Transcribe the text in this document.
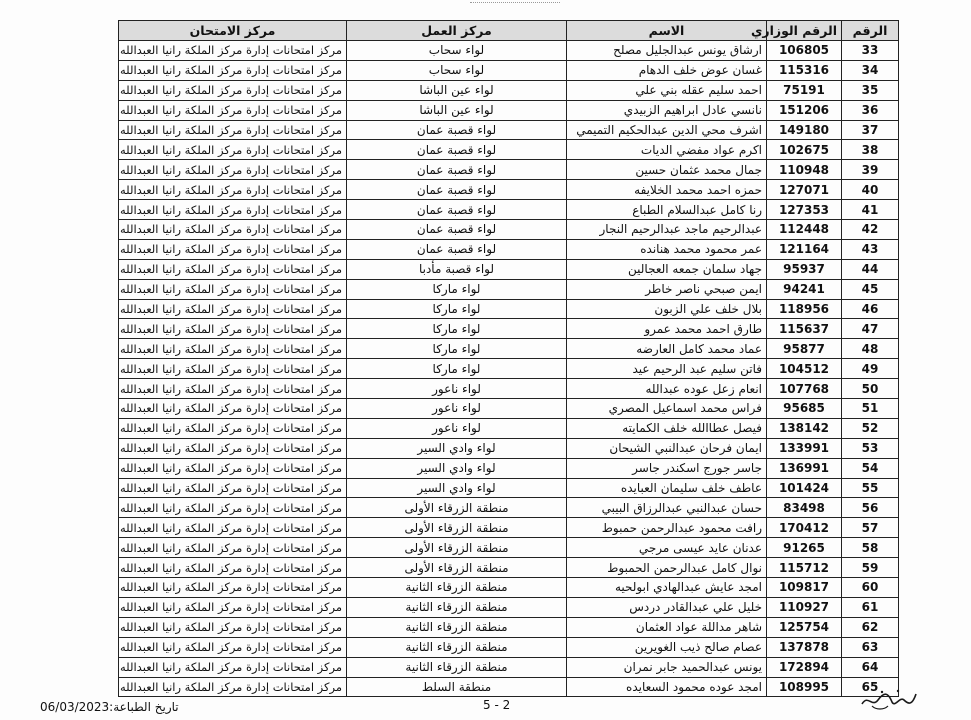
الرقم	الرقم الوزاري	الاسم	مركز العمل	مركز الامتحان
33	106805	ارشاق يونس عبدالجليل مصلح	لواء سحاب	مركز امتحانات إدارة مركز الملكة رانيا العبدالله
34	115316	غسان عوض خلف الدهام	لواء سحاب	مركز امتحانات إدارة مركز الملكة رانيا العبدالله
35	75191	احمد سليم عقله بني علي	لواء عين الباشا	مركز امتحانات إدارة مركز الملكة رانيا العبدالله
36	151206	نانسي عادل ابراهيم الزبيدي	لواء عين الباشا	مركز امتحانات إدارة مركز الملكة رانيا العبدالله
37	149180	اشرف محي الدين عبدالحكيم التميمي	لواء قصبة عمان	مركز امتحانات إدارة مركز الملكة رانيا العبدالله
38	102675	اكرم عواد مفضي الديات	لواء قصبة عمان	مركز امتحانات إدارة مركز الملكة رانيا العبدالله
39	110948	جمال محمد عثمان حسين	لواء قصبة عمان	مركز امتحانات إدارة مركز الملكة رانيا العبدالله
40	127071	حمزه احمد محمد الخلايفه	لواء قصبة عمان	مركز امتحانات إدارة مركز الملكة رانيا العبدالله
41	127353	رنا كامل عبدالسلام الطباع	لواء قصبة عمان	مركز امتحانات إدارة مركز الملكة رانيا العبدالله
42	112448	عبدالرحيم ماجد عبدالرحيم النجار	لواء قصبة عمان	مركز امتحانات إدارة مركز الملكة رانيا العبدالله
43	121164	عمر محمود محمد هنانده	لواء قصبة عمان	مركز امتحانات إدارة مركز الملكة رانيا العبدالله
44	95937	جهاد سلمان جمعه العجالين	لواء قصبة مأدبا	مركز امتحانات إدارة مركز الملكة رانيا العبدالله
45	94241	ايمن صبحي ناصر خاطر	لواء ماركا	مركز امتحانات إدارة مركز الملكة رانيا العبدالله
46	118956	بلال خلف علي الزبون	لواء ماركا	مركز امتحانات إدارة مركز الملكة رانيا العبدالله
47	115637	طارق احمد محمد عمرو	لواء ماركا	مركز امتحانات إدارة مركز الملكة رانيا العبدالله
48	95877	عماد محمد كامل العارضه	لواء ماركا	مركز امتحانات إدارة مركز الملكة رانيا العبدالله
49	104512	فاتن سليم عبد الرحيم عيد	لواء ماركا	مركز امتحانات إدارة مركز الملكة رانيا العبدالله
50	107768	انعام زعل عوده عبدالله	لواء ناعور	مركز امتحانات إدارة مركز الملكة رانيا العبدالله
51	95685	فراس محمد اسماعيل المصري	لواء ناعور	مركز امتحانات إدارة مركز الملكة رانيا العبدالله
52	138142	فيصل عطاالله خلف الكمايته	لواء ناعور	مركز امتحانات إدارة مركز الملكة رانيا العبدالله
53	133991	ايمان فرحان عبدالنبي الشيحان	لواء وادي السير	مركز امتحانات إدارة مركز الملكة رانيا العبدالله
54	136991	جاسر جورج اسكندر جاسر	لواء وادي السير	مركز امتحانات إدارة مركز الملكة رانيا العبدالله
55	101424	عاطف خلف سليمان العبايده	لواء وادي السير	مركز امتحانات إدارة مركز الملكة رانيا العبدالله
56	83498	حسان عبدالنبي عبدالرزاق البيبي	منطقة الزرقاء الأولى	مركز امتحانات إدارة مركز الملكة رانيا العبدالله
57	170412	رافت محمود عبدالرحمن حمبوط	منطقة الزرقاء الأولى	مركز امتحانات إدارة مركز الملكة رانيا العبدالله
58	91265	عدنان عايد عيسى مرجي	منطقة الزرقاء الأولى	مركز امتحانات إدارة مركز الملكة رانيا العبدالله
59	115712	نوال كامل عبدالرحمن الحمبوط	منطقة الزرقاء الأولى	مركز امتحانات إدارة مركز الملكة رانيا العبدالله
60	109817	امجد عايش عبدالهادي ابولحيه	منطقة الزرقاء الثانية	مركز امتحانات إدارة مركز الملكة رانيا العبدالله
61	110927	خليل علي عبدالقادر دردس	منطقة الزرقاء الثانية	مركز امتحانات إدارة مركز الملكة رانيا العبدالله
62	125754	شاهر مداللة عواد العثمان	منطقة الزرقاء الثانية	مركز امتحانات إدارة مركز الملكة رانيا العبدالله
63	137878	عصام صالح ذيب الغويرين	منطقة الزرقاء الثانية	مركز امتحانات إدارة مركز الملكة رانيا العبدالله
64	172894	يونس عبدالحميد جابر نمران	منطقة الزرقاء الثانية	مركز امتحانات إدارة مركز الملكة رانيا العبدالله
65	108995	امجد عوده محمود السعايده	منطقة السلط	مركز امتحانات إدارة مركز الملكة رانيا العبدالله
تاريخ الطباعة:06/03/2023	5 - 2
